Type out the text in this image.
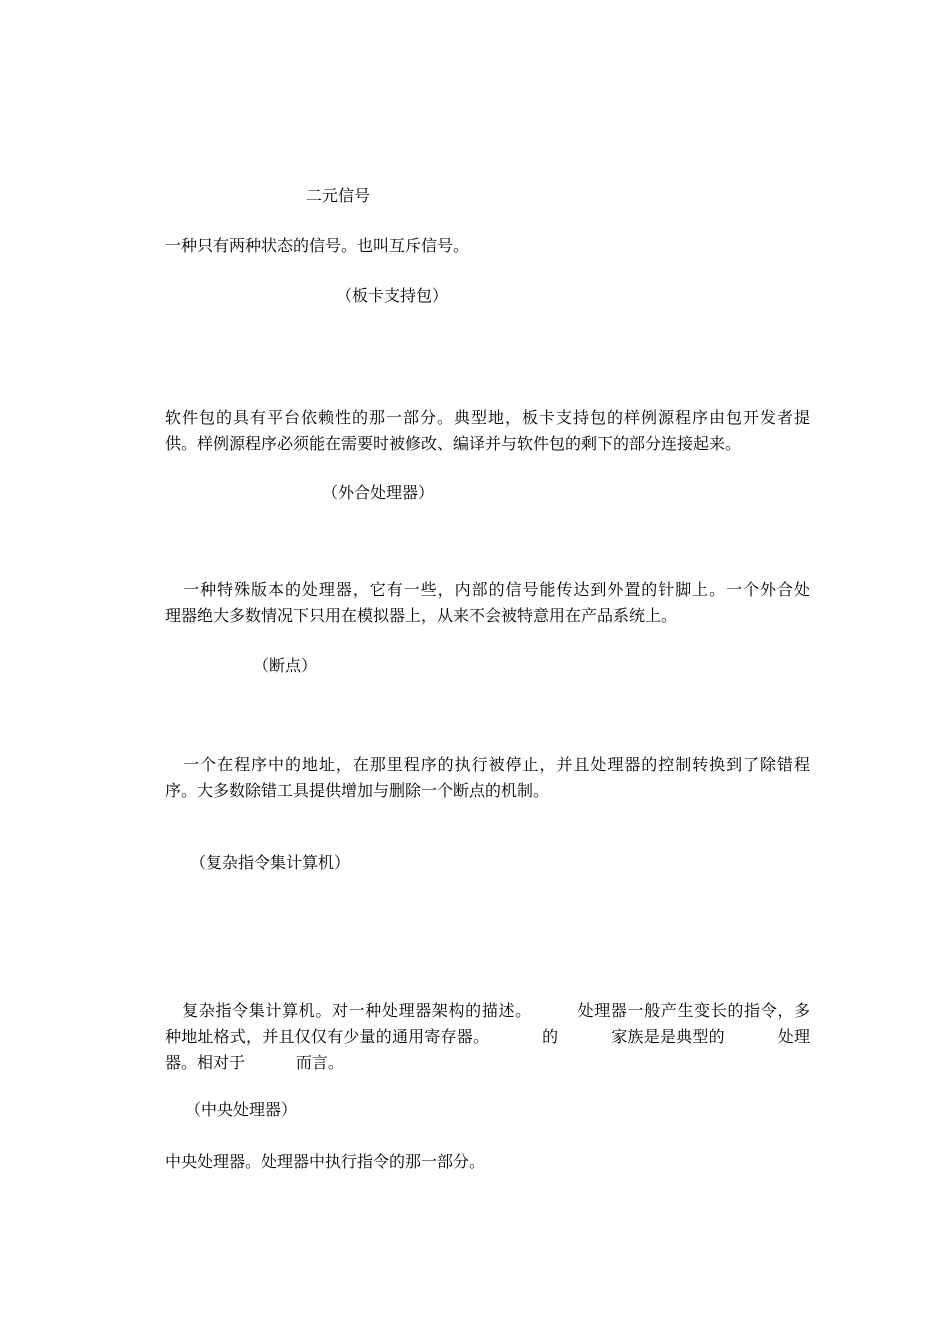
二元信号

一种只有两种状态的信号。也叫互斥信号。

（板卡支持包）

软件包的具有平台依赖性的那一部分。典型地，板卡支持包的样例源程序由包开发者提
供。样例源程序必须能在需要时被修改、编译并与软件包的剩下的部分连接起来。

（外合处理器）

一种特殊版本的处理器，它有一些，内部的信号能传达到外置的针脚上。一个外合处
理器绝大多数情况下只用在模拟器上，从来不会被特意用在产品系统上。

（断点）

一个在程序中的地址，在那里程序的执行被停止，并且处理器的控制转换到了除错程
序。大多数除错工具提供增加与删除一个断点的机制。

（复杂指令集计算机）

复杂指令集计算机。对一种处理器架构的描述。        处理器一般产生变长的指令，多
种地址格式，并且仅仅有少量的通用寄存器。          的          家族是是典型的          处理
器。相对于          而言。

（中央处理器）

中央处理器。处理器中执行指令的那一部分。
